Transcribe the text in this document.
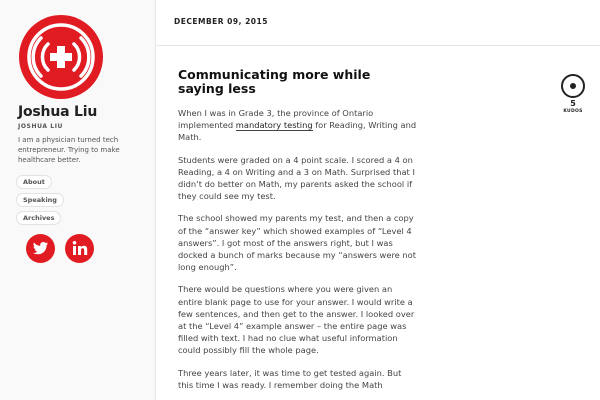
Joshua Liu
JOSHUA LIU
I am a physician turned tech entrepreneur. Trying to make healthcare better.
About
Speaking
Archives
DECEMBER 09, 2015
Communicating more while saying less

When I was in Grade 3, the province of Ontario implemented mandatory testing for Reading, Writing and Math.

Students were graded on a 4 point scale. I scored a 4 on Reading, a 4 on Writing and a 3 on Math. Surprised that I didn’t do better on Math, my parents asked the school if they could see my test.

The school showed my parents my test, and then a copy of the “answer key” which showed examples of “Level 4 answers”. I got most of the answers right, but I was docked a bunch of marks because my “answers were not long enough”.

There would be questions where you were given an entire blank page to use for your answer. I would write a few sentences, and then get to the answer. I looked over at the “Level 4” example answer – the entire page was filled with text. I had no clue what useful information could possibly fill the whole page.

Three years later, it was time to get tested again. But this time I was ready. I remember doing the Math

5
KUDOS
